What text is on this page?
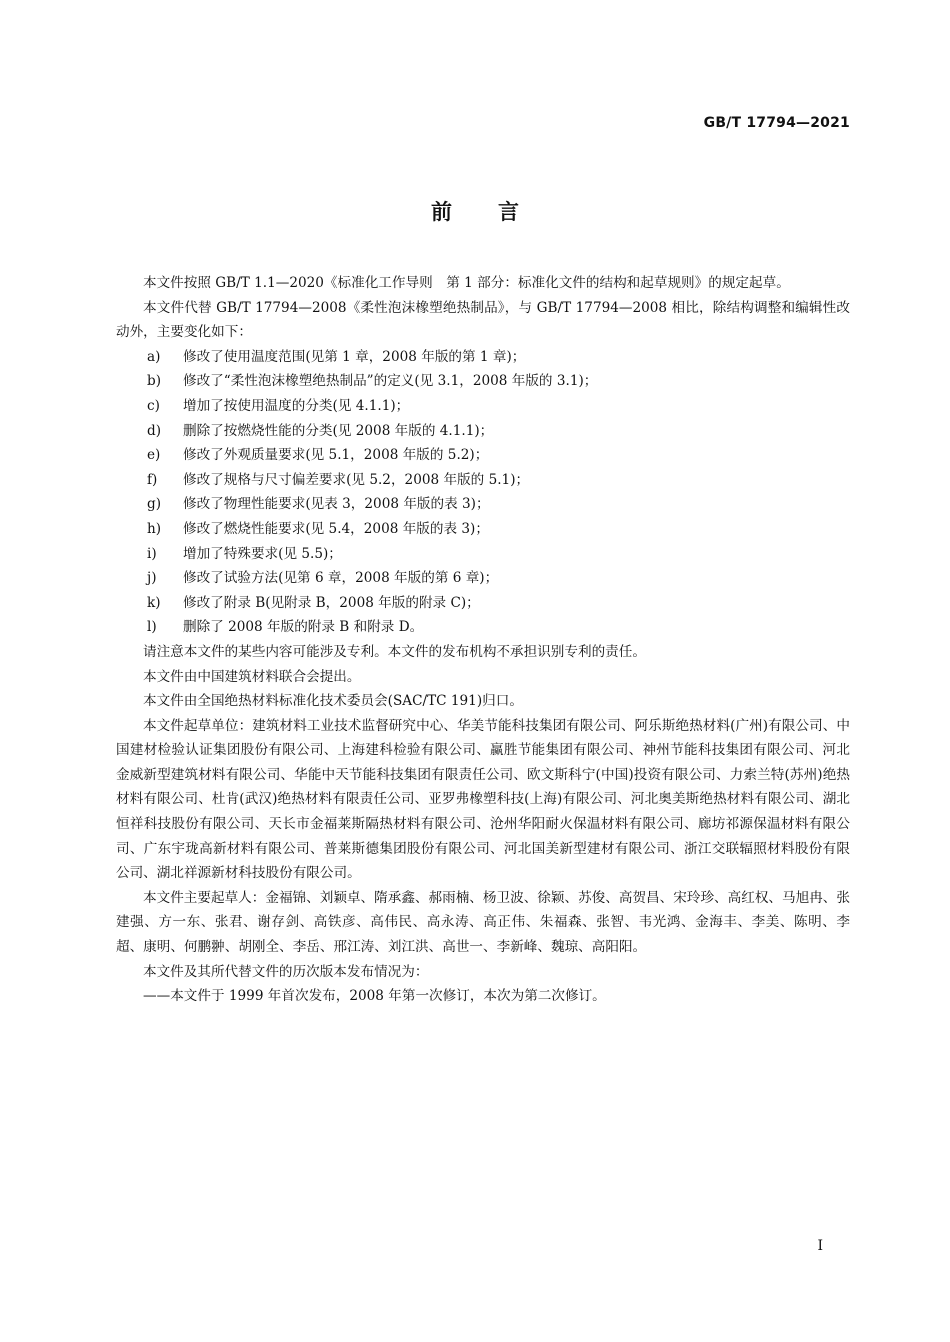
GB/T 17794—2021
前言

本文件按照 GB/T 1.1—2020《标准化工作导则　第 1 部分：标准化文件的结构和起草规则》的规定起草。

本文件代替 GB/T 17794—2008《柔性泡沫橡塑绝热制品》，与 GB/T 17794—2008 相比，除结构调整和编辑性改动外，主要变化如下：

a)	修改了使用温度范围(见第 1 章，2008 年版的第 1 章)；
b)	修改了“柔性泡沫橡塑绝热制品”的定义(见 3.1，2008 年版的 3.1)；
c)	增加了按使用温度的分类(见 4.1.1)；
d)	删除了按燃烧性能的分类(见 2008 年版的 4.1.1)；
e)	修改了外观质量要求(见 5.1，2008 年版的 5.2)；
f)	修改了规格与尺寸偏差要求(见 5.2，2008 年版的 5.1)；
g)	修改了物理性能要求(见表 3，2008 年版的表 3)；
h)	修改了燃烧性能要求(见 5.4，2008 年版的表 3)；
i)	增加了特殊要求(见 5.5)；
j)	修改了试验方法(见第 6 章，2008 年版的第 6 章)；
k)	修改了附录 B(见附录 B，2008 年版的附录 C)；
l)	删除了 2008 年版的附录 B 和附录 D。

请注意本文件的某些内容可能涉及专利。本文件的发布机构不承担识别专利的责任。

本文件由中国建筑材料联合会提出。

本文件由全国绝热材料标准化技术委员会(SAC/TC 191)归口。

本文件起草单位：建筑材料工业技术监督研究中心、华美节能科技集团有限公司、阿乐斯绝热材料(广州)有限公司、中国建材检验认证集团股份有限公司、上海建科检验有限公司、赢胜节能集团有限公司、神州节能科技集团有限公司、河北金威新型建筑材料有限公司、华能中天节能科技集团有限责任公司、欧文斯科宁(中国)投资有限公司、力索兰特(苏州)绝热材料有限公司、杜肯(武汉)绝热材料有限责任公司、亚罗弗橡塑科技(上海)有限公司、河北奥美斯绝热材料有限公司、湖北恒祥科技股份有限公司、天长市金福莱斯隔热材料有限公司、沧州华阳耐火保温材料有限公司、廊坊祁源保温材料有限公司、广东宇珑高新材料有限公司、普莱斯德集团股份有限公司、河北国美新型建材有限公司、浙江交联辐照材料股份有限公司、湖北祥源新材科技股份有限公司。

本文件主要起草人：金福锦、刘颖卓、隋承鑫、郝雨楠、杨卫波、徐颖、苏俊、高贺昌、宋玲珍、高红权、马旭冉、张建强、方一东、张君、谢存剑、高铁彦、高伟民、高永涛、高正伟、朱福森、张智、韦光鸿、金海丰、李美、陈明、李超、康明、何鹏翀、胡刚全、李岳、邢江涛、刘江洪、高世一、李新峰、魏琼、高阳阳。

本文件及其所代替文件的历次版本发布情况为：

——本文件于 1999 年首次发布，2008 年第一次修订，本次为第二次修订。

I
